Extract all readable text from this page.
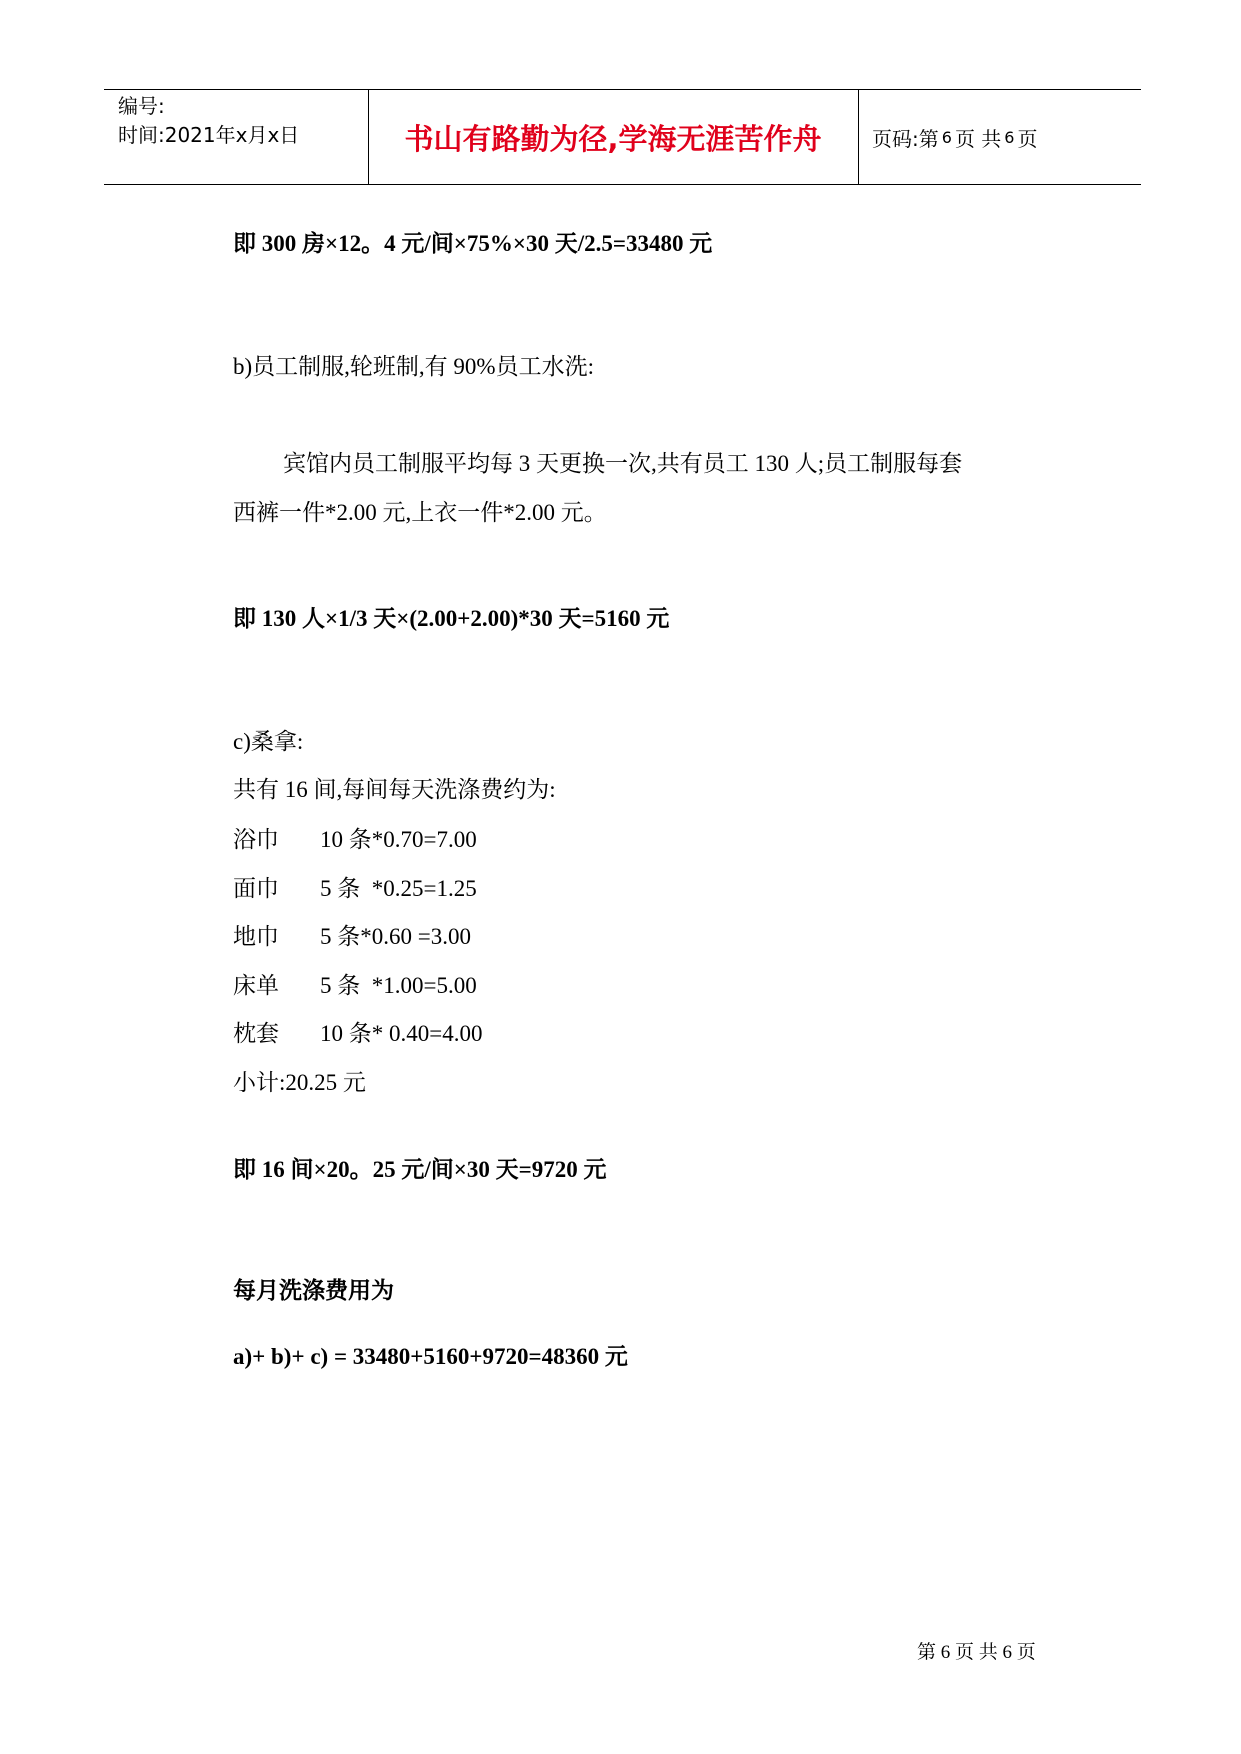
编号:
时间:2021年x月x日	书山有路勤为径,学海无涯苦作舟	页码:第 6 页 共 6 页
即 300 房×12。4 元/间×75%×30 天/2.5=33480 元
b)员工制服,轮班制,有 90%员工水洗:
宾馆内员工制服平均每 3 天更换一次,共有员工 130 人;员工制服每套
西裤一件*2.00 元,上衣一件*2.00 元。
即 130 人×1/3 天×(2.00+2.00)*30 天=5160 元
c)桑拿:
共有 16 间,每间每天洗涤费约为:
浴巾 10 条*0.70=7.00
面巾 5 条  *0.25=1.25
地巾 5 条*0.60 =3.00
床单 5 条  *1.00=5.00
枕套 10 条* 0.40=4.00
小计:20.25 元
即 16 间×20。25 元/间×30 天=9720 元
每月洗涤费用为
a)+ b)+ c) = 33480+5160+9720=48360 元
第 6 页 共 6 页
